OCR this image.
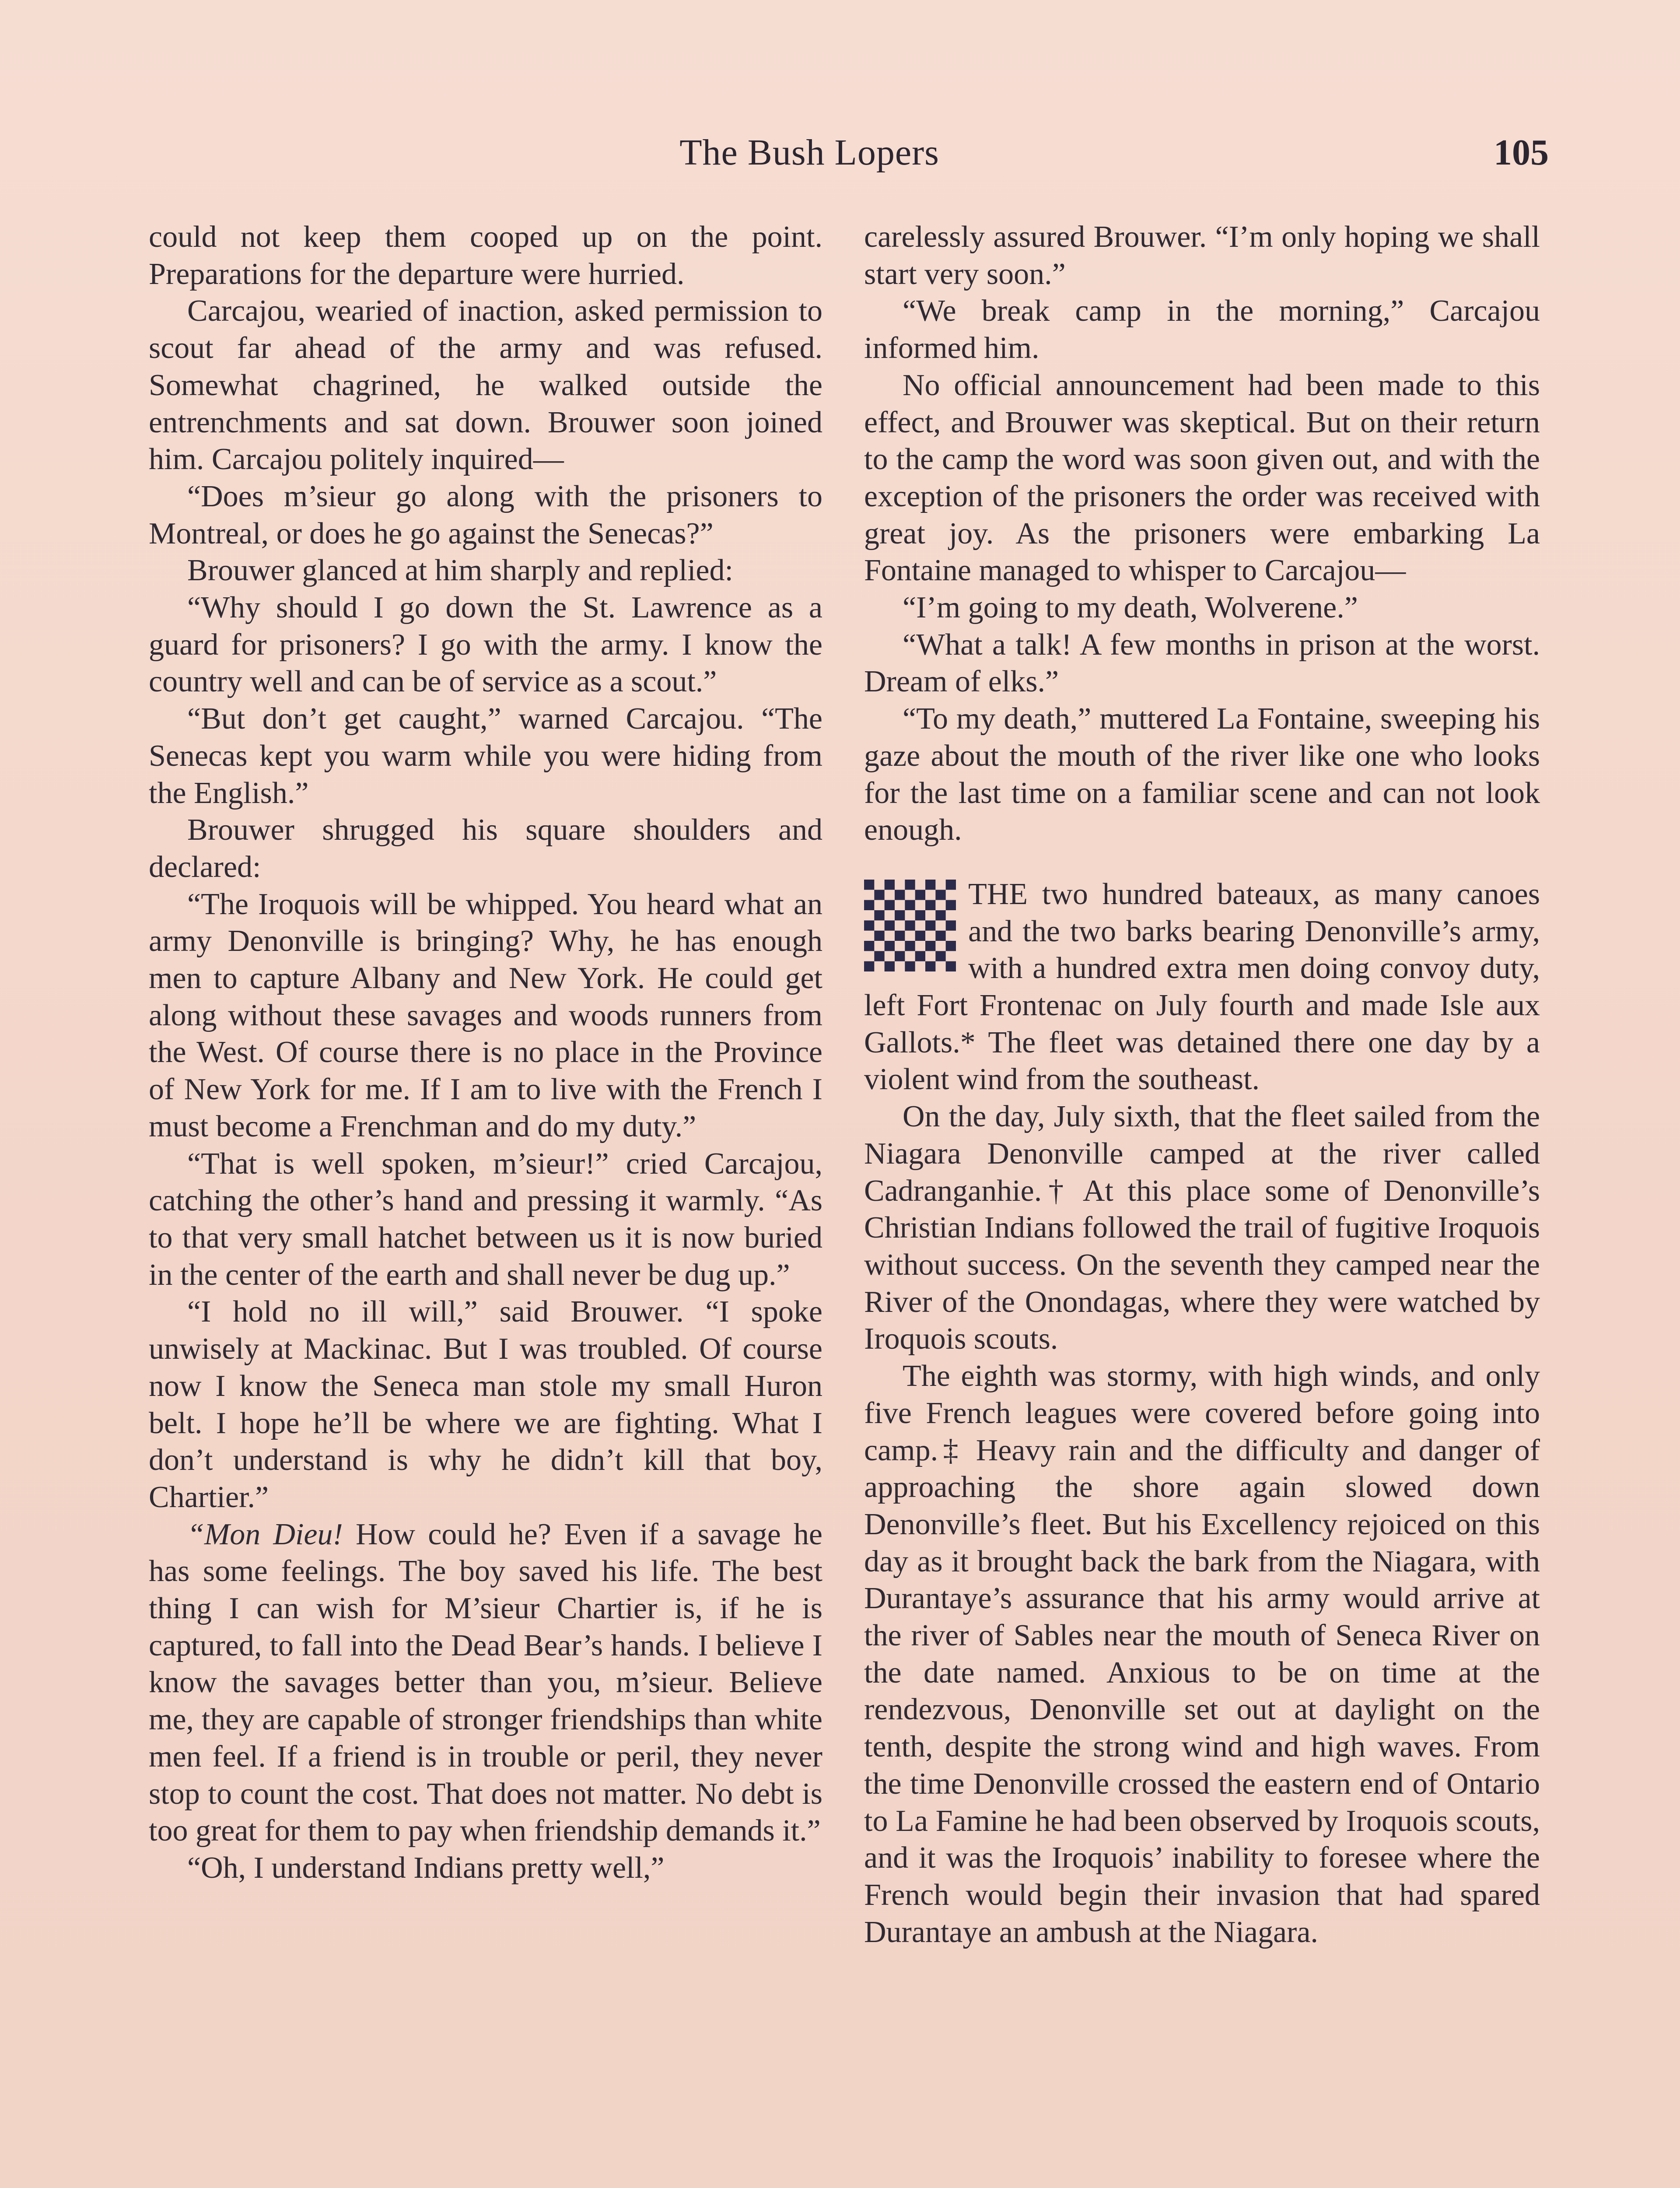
The Bush Lopers	105

could not keep them cooped up on the point. Preparations for the departure were hurried.

Carcajou, wearied of inaction, asked permission to scout far ahead of the army and was refused. Somewhat chagrined, he walked outside the entrenchments and sat down. Brouwer soon joined him. Carcajou politely inquired—

“Does m’sieur go along with the prisoners to Montreal, or does he go against the Senecas?”

Brouwer glanced at him sharply and replied:

“Why should I go down the St. Lawrence as a guard for prisoners? I go with the army. I know the country well and can be of service as a scout.”

“But don’t get caught,” warned Carcajou. “The Senecas kept you warm while you were hiding from the English.”

Brouwer shrugged his square shoulders and declared:

“The Iroquois will be whipped. You heard what an army Denonville is bringing? Why, he has enough men to capture Albany and New York. He could get along without these savages and woods runners from the West. Of course there is no place in the Province of New York for me. If I am to live with the French I must become a Frenchman and do my duty.”

“That is well spoken, m’sieur!” cried Carcajou, catching the other’s hand and pressing it warmly. “As to that very small hatchet between us it is now buried in the center of the earth and shall never be dug up.”

“I hold no ill will,” said Brouwer. “I spoke unwisely at Mackinac. But I was troubled. Of course now I know the Seneca man stole my small Huron belt. I hope he’ll be where we are fighting. What I don’t understand is why he didn’t kill that boy, Chartier.”

“Mon Dieu! How could he? Even if a savage he has some feelings. The boy saved his life. The best thing I can wish for M’sieur Chartier is, if he is captured, to fall into the Dead Bear’s hands. I believe I know the savages better than you, m’sieur. Believe me, they are capable of stronger friendships than white men feel. If a friend is in trouble or peril, they never stop to count the cost. That does not matter. No debt is too great for them to pay when friendship demands it.”

“Oh, I understand Indians pretty well,”

carelessly assured Brouwer. “I’m only hoping we shall start very soon.”

“We break camp in the morning,” Carcajou informed him.

No official announcement had been made to this effect, and Brouwer was skeptical. But on their return to the camp the word was soon given out, and with the exception of the prisoners the order was received with great joy. As the prisoners were embarking La Fontaine managed to whisper to Carcajou—

“I’m going to my death, Wolverene.”

“What a talk! A few months in prison at the worst. Dream of elks.”

“To my death,” muttered La Fontaine, sweeping his gaze about the mouth of the river like one who looks for the last time on a familiar scene and can not look enough.

THE two hundred bateaux, as many canoes and the two barks bearing Denonville’s army, with a hundred extra men doing convoy duty, left Fort Frontenac on July fourth and made Isle aux Gallots.* The fleet was detained there one day by a violent wind from the southeast.

On the day, July sixth, that the fleet sailed from the Niagara Denonville camped at the river called Cadranganhie.† At this place some of Denonville’s Christian Indians followed the trail of fugitive Iroquois without success. On the seventh they camped near the River of the Onondagas, where they were watched by Iroquois scouts.

The eighth was stormy, with high winds, and only five French leagues were covered before going into camp.‡ Heavy rain and the difficulty and danger of approaching the shore again slowed down Denonville’s fleet. But his Excellency rejoiced on this day as it brought back the bark from the Niagara, with Durantaye’s assurance that his army would arrive at the river of Sables near the mouth of Seneca River on the date named. Anxious to be on time at the rendezvous, Denonville set out at daylight on the tenth, despite the strong wind and high waves. From the time Denonville crossed the eastern end of Ontario to La Famine he had been observed by Iroquois scouts, and it was the Iroquois’ inability to foresee where the French would begin their invasion that had spared Durantaye an ambush at the Niagara.
